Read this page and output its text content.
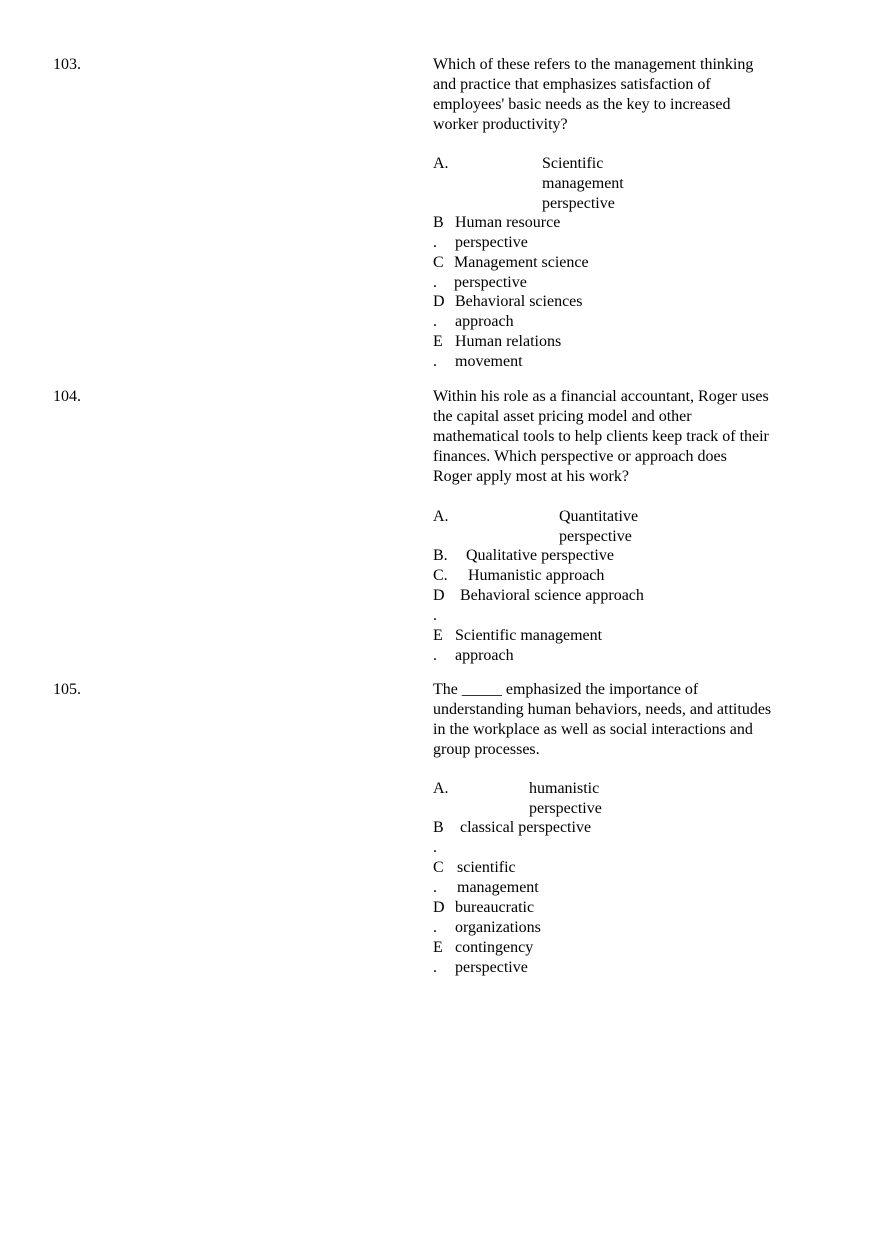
103.	Which of these refers to the management thinking
and practice that emphasizes satisfaction of
employees' basic needs as the key to increased
worker productivity?
A.	Scientific
management
perspective
B
.
Human resource
perspective
C
.
Management science
perspective
D
.
Behavioral sciences
approach
E
.
Human relations
movement
104.	Within his role as a financial accountant, Roger uses
the capital asset pricing model and other
mathematical tools to help clients keep track of their
finances. Which perspective or approach does
Roger apply most at his work?
A.	Quantitative
perspective
B. Qualitative perspective
C. Humanistic approach
D
.
Behavioral science approach
E
.
Scientific management
approach
105.	The _____ emphasized the importance of
understanding human behaviors, needs, and attitudes
in the workplace as well as social interactions and
group processes.
A.	humanistic
perspective
B
.
classical perspective
C
.
scientific
management
D
.
bureaucratic
organizations
E
.
contingency
perspective
